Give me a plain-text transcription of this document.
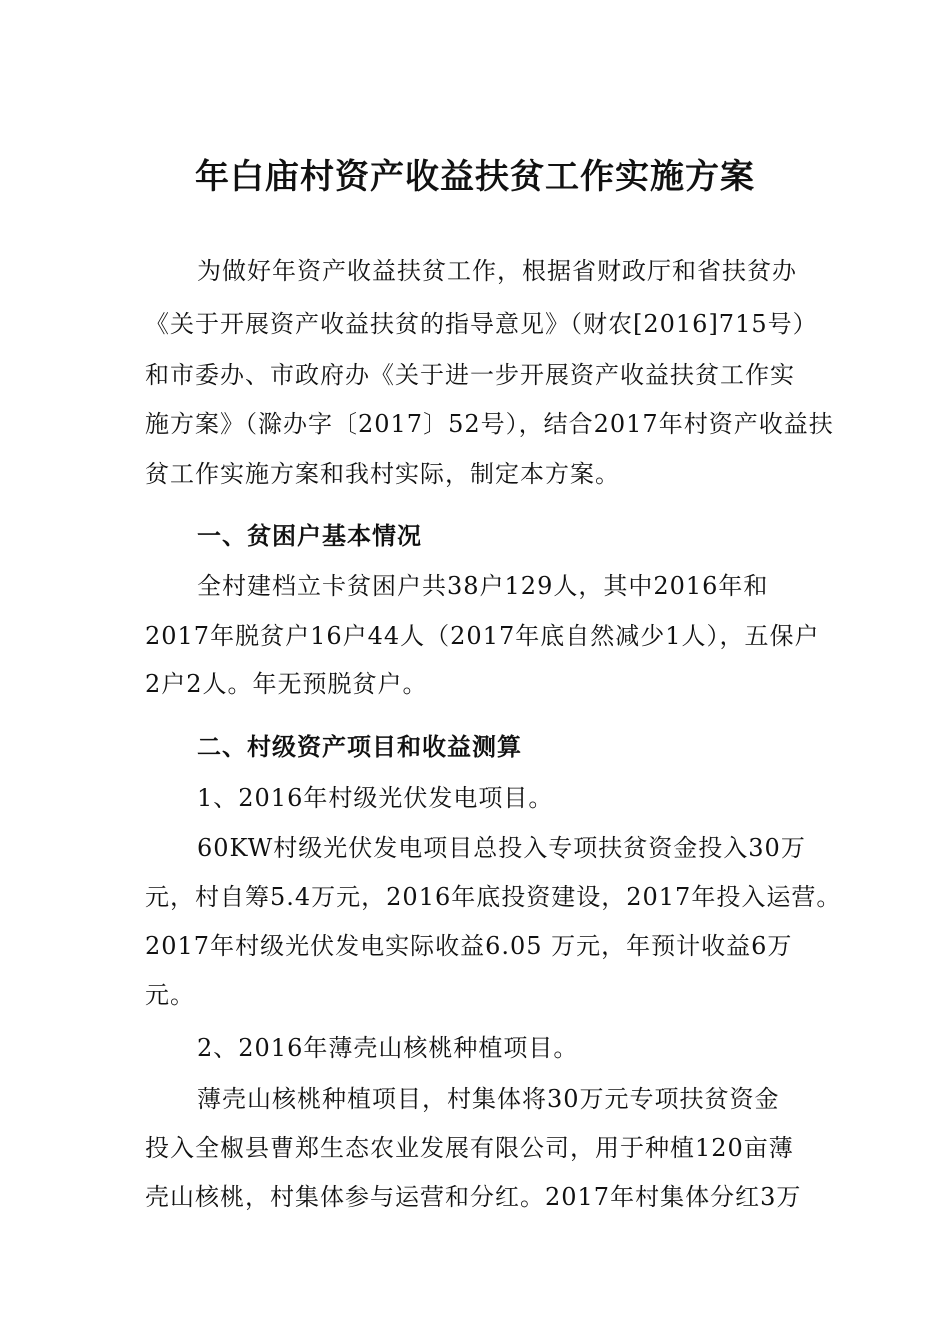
年白庙村资产收益扶贫工作实施方案
为做好年资产收益扶贫工作，根据省财政厅和省扶贫办
《关于开展资产收益扶贫的指导意见》（财农[2016]715号）
和市委办、市政府办《关于进一步开展资产收益扶贫工作实
施方案》（滁办字〔2017〕52号），结合2017年村资产收益扶
贫工作实施方案和我村实际，制定本方案。
一、贫困户基本情况
全村建档立卡贫困户共38户129人，其中2016年和
2017年脱贫户16户44人（2017年底自然减少1人），五保户
2户2人。年无预脱贫户。
二、村级资产项目和收益测算
1、2016年村级光伏发电项目。
60KW村级光伏发电项目总投入专项扶贫资金投入30万
元，村自筹5.4万元，2016年底投资建设，2017年投入运营。
2017年村级光伏发电实际收益6.05 万元，年预计收益6万
元。
2、2016年薄壳山核桃种植项目。
薄壳山核桃种植项目，村集体将30万元专项扶贫资金
投入全椒县曹郑生态农业发展有限公司，用于种植120亩薄
壳山核桃，村集体参与运营和分红。2017年村集体分红3万
